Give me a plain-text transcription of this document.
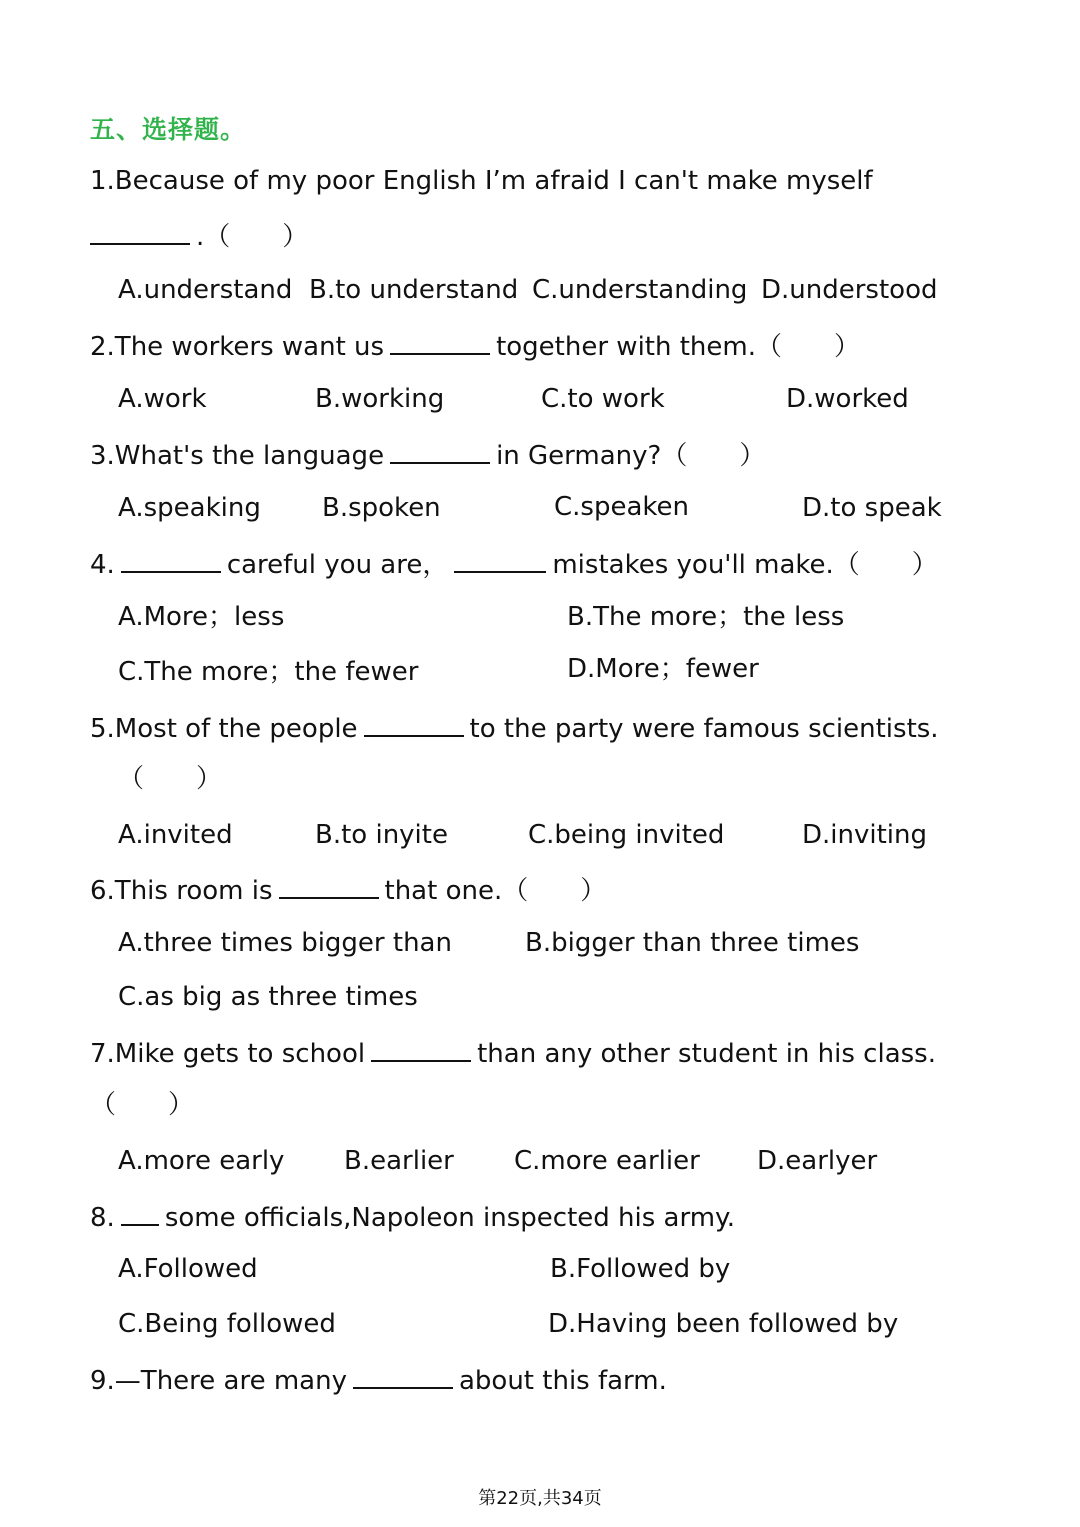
五、选择题。
1.Because of my poor English I’m afraid I can't make myself
.（　　）
A.understand B.to understand C.understanding D.understood
2.The workers want us	together with them.（　　）
A.work	B.working	C.to work	D.worked
3.What's the language	in Germany?（　　）
A.speaking B.spoken	C.speaken	D.to speak
4.	careful you are，	mistakes you'll make.（　　）
A.More；less	B.The more；the less
C.The more；the fewer	D.More；fewer
5.Most of the people	to the party were famous scientists.
（　　）
A.invited	B.to inyite	C.being invited	D.inviting
6.This room is	that one.（　　）
A.three times bigger than	B.bigger than three times
C.as big as three times
7.Mike gets to school	than any other student in his class.
（　　）
A.more early B.earlier C.more earlier D.earlyer
8. some officials,Napoleon inspected his army.
A.Followed	B.Followed by
C.Being followed	D.Having been followed by
9.—There are many	about this farm.
第22页,共34页
